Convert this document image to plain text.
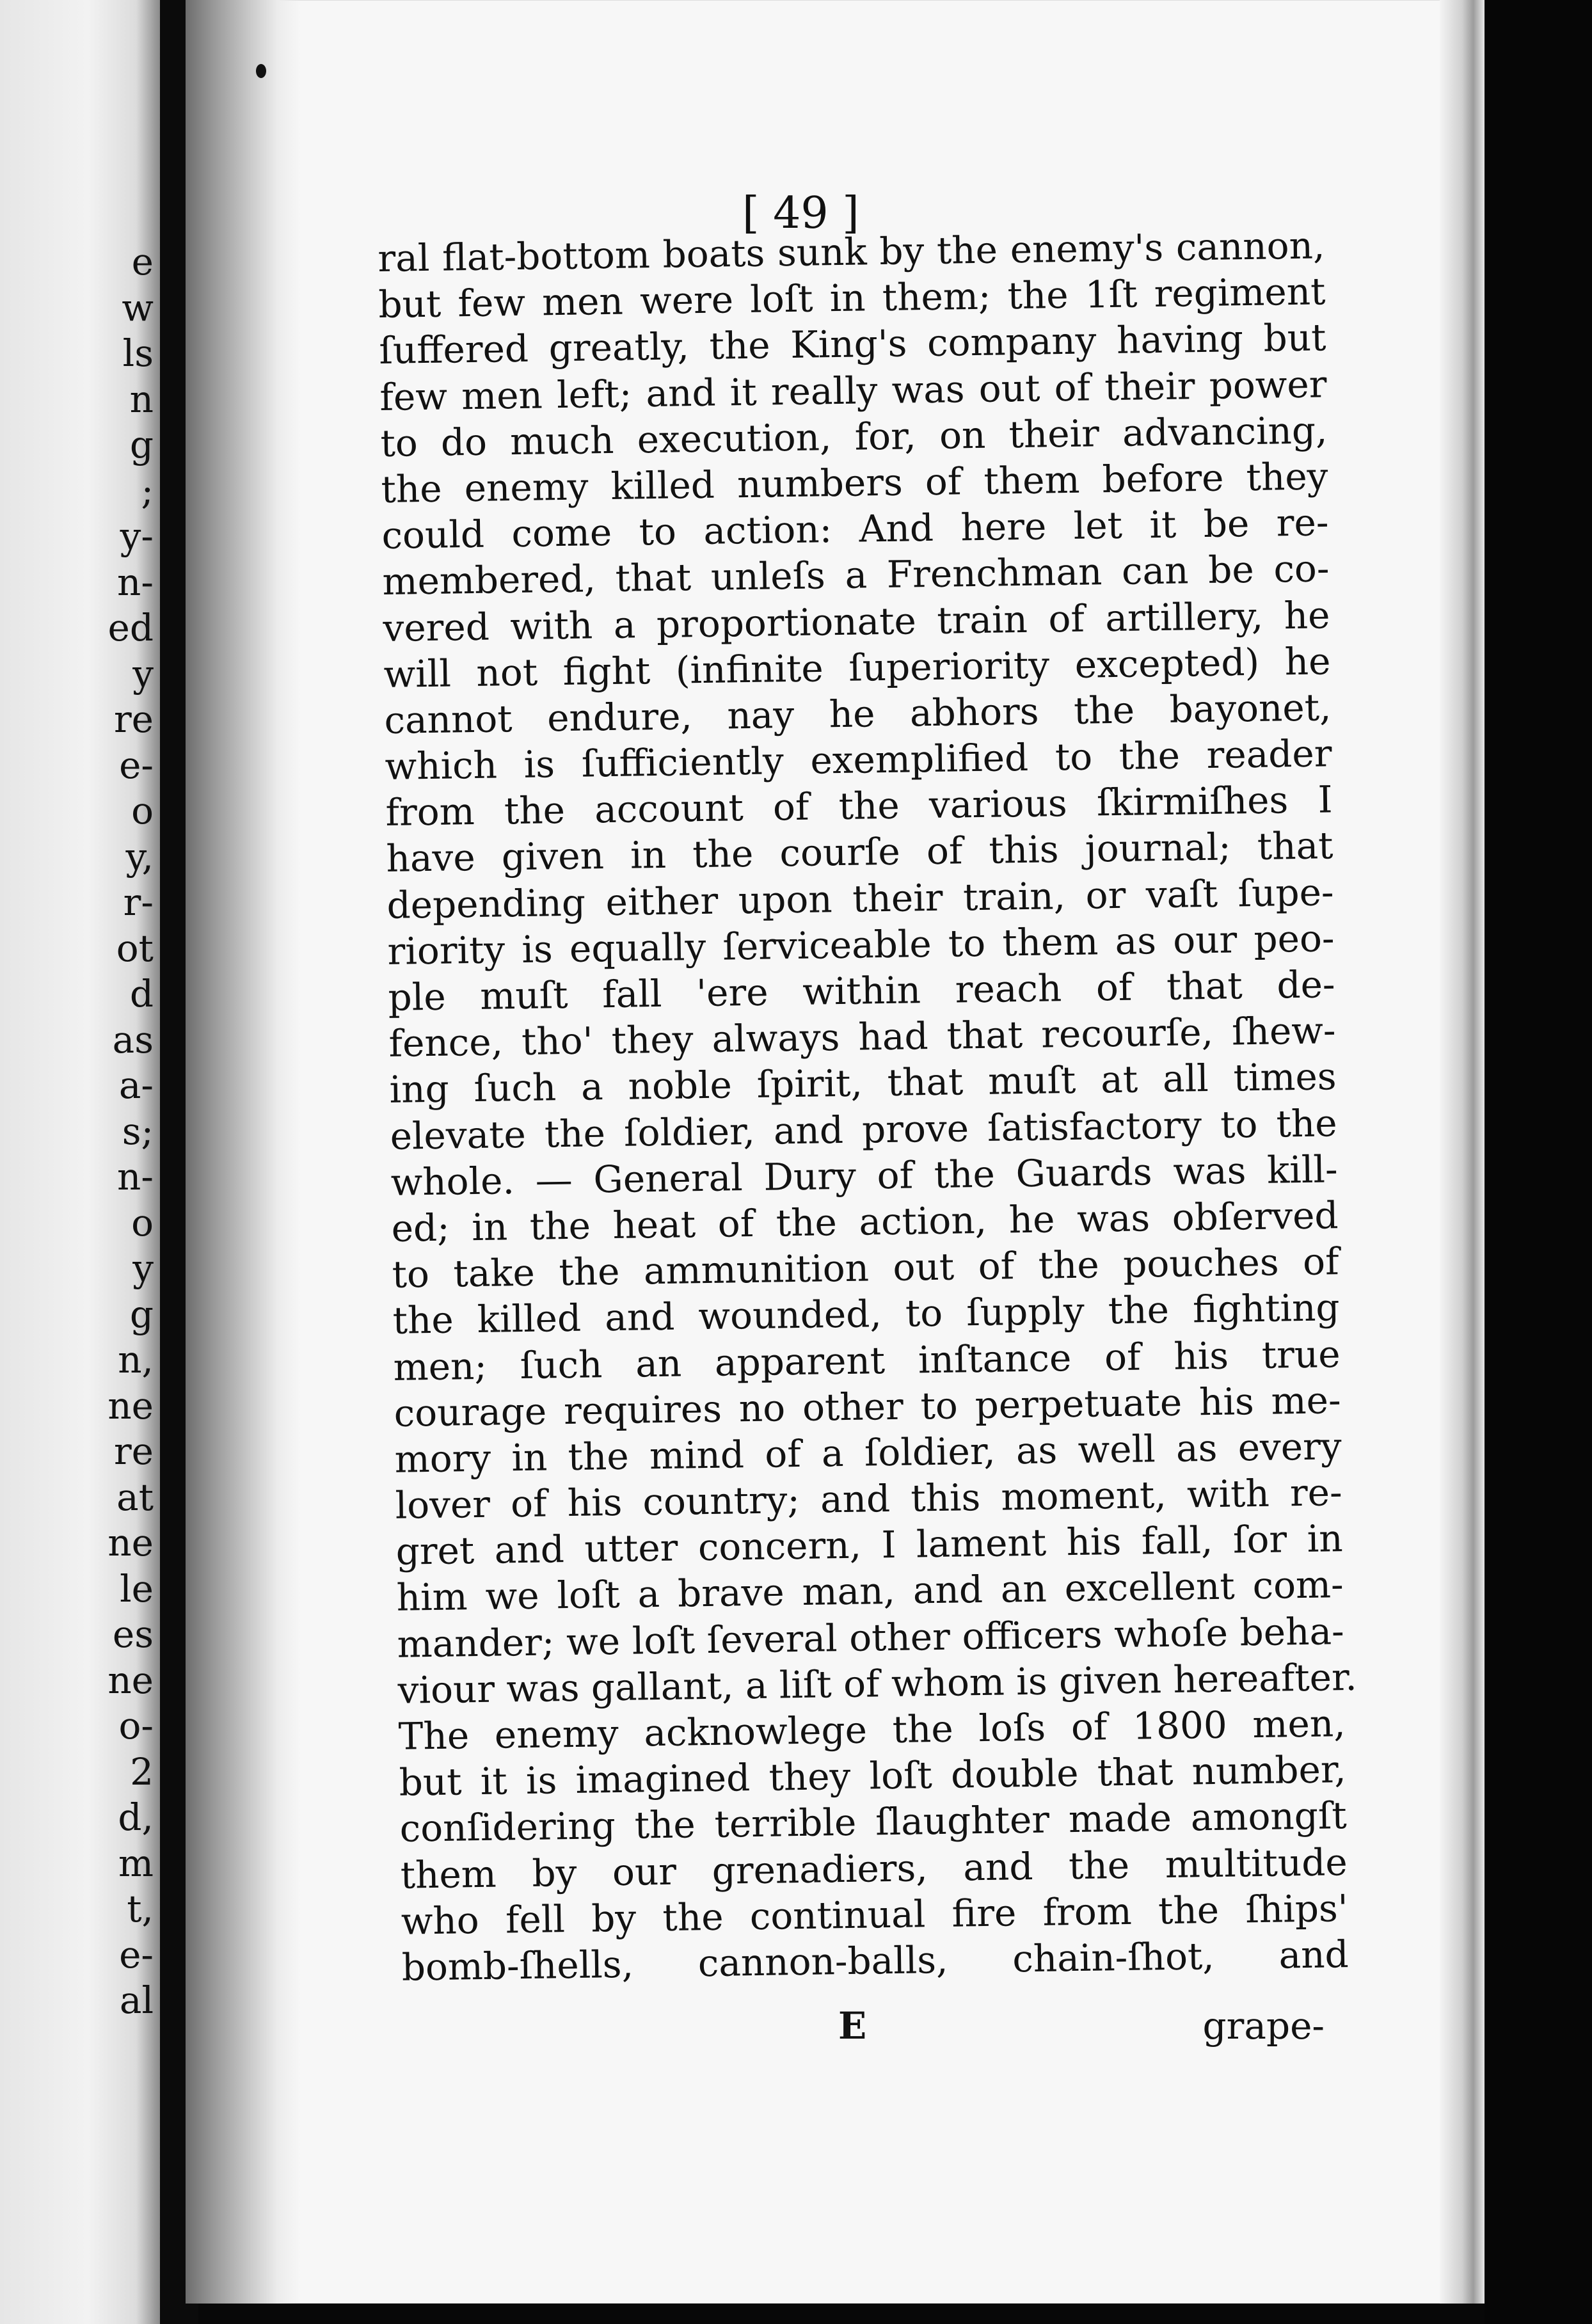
e
w
ls
n
g
;
y-
n-
ed
y
re
e-
o
y,
r-
ot
d
as
a-
s;
n-
o
y
g
n,
ne
re
at
ne
le
es
ne
o-
2
d,
m
t,
e-
al
[ 49 ]
ral flat-bottom boats sunk by the enemy's cannon,
but few men were loſt in them; the 1ſt regiment
ſuffered greatly, the King's company having but
few men left; and it really was out of their power
to do much execution, for, on their advancing,
the enemy killed numbers of them before they
could come to action: And here let it be re-
membered, that unleſs a Frenchman can be co-
vered with a proportionate train of artillery, he
will not fight (infinite ſuperiority excepted) he
cannot endure, nay he abhors the bayonet,
which is ſufficiently exemplified to the reader
from the account of the various ſkirmiſhes I
have given in the courſe of this journal; that
depending either upon their train, or vaſt ſupe-
riority is equally ſerviceable to them as our peo-
ple muſt fall 'ere within reach of that de-
fence, tho' they always had that recourſe, ſhew-
ing ſuch a noble ſpirit, that muſt at all times
elevate the ſoldier, and prove ſatisfactory to the
whole. — General Dury of the Guards was kill-
ed; in the heat of the action, he was obſerved
to take the ammunition out of the pouches of
the killed and wounded, to ſupply the fighting
men; ſuch an apparent inſtance of his true
courage requires no other to perpetuate his me-
mory in the mind of a ſoldier, as well as every
lover of his country; and this moment, with re-
gret and utter concern, I lament his fall, ſor in
him we loſt a brave man, and an excellent com-
mander; we loſt ſeveral other officers whoſe beha-
viour was gallant, a liſt of whom is given hereafter.
The enemy acknowlege the loſs of 1800 men,
but it is imagined they loſt double that number,
conſidering the terrible ſlaughter made amongſt
them by our grenadiers, and the multitude
who fell by the continual fire from the ſhips'
bomb-ſhells, cannon-balls, chain-ſhot, and
E	grape-
